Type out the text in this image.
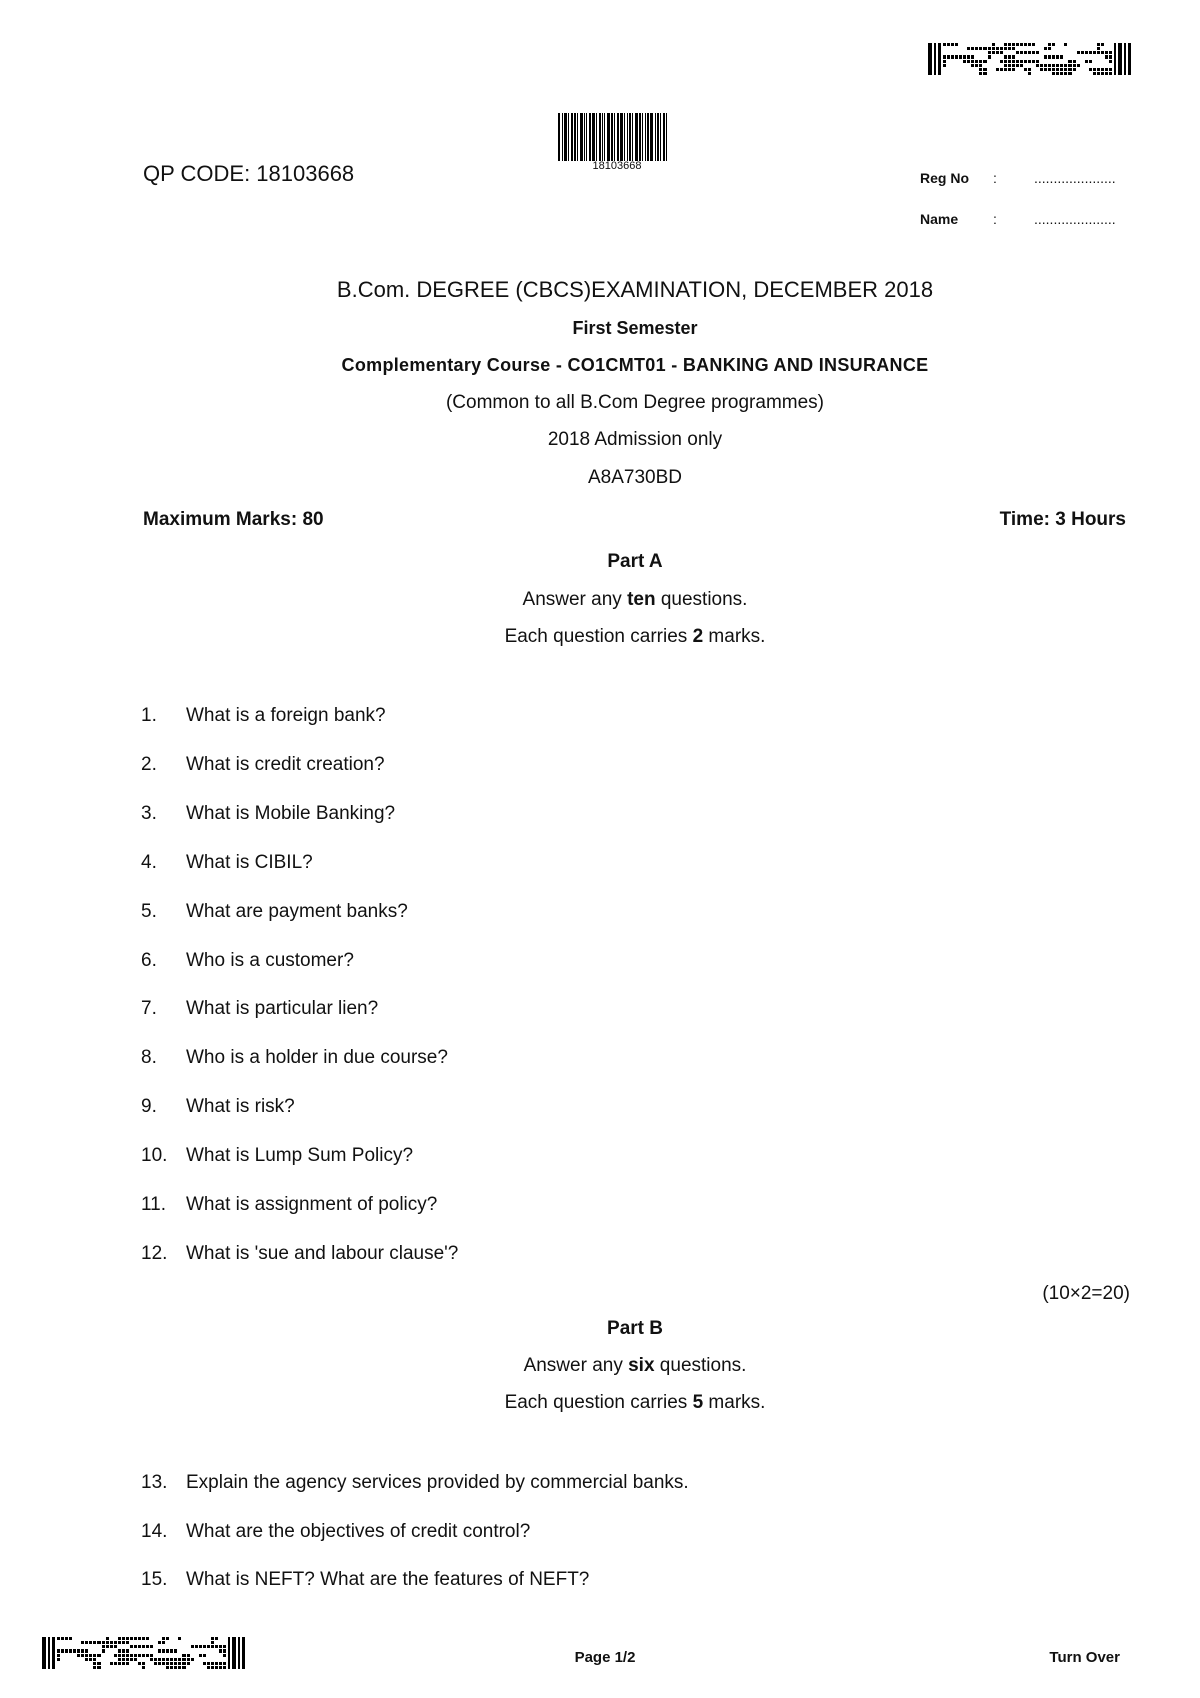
QP CODE: 18103668	18103668
Reg No :	.....................
Name :	.....................
B.Com. DEGREE (CBCS)EXAMINATION, DECEMBER 2018
First Semester
Complementary Course - CO1CMT01 - BANKING AND INSURANCE
(Common to all B.Com Degree programmes)
2018 Admission only
A8A730BD
Maximum Marks: 80	Time: 3 Hours
Part A
Answer any ten questions.
Each question carries 2 marks.
1.	What is a foreign bank?
2.	What is credit creation?
3.	What is Mobile Banking?
4.	What is CIBIL?
5.	What are payment banks?
6.	Who is a customer?
7.	What is particular lien?
8.	Who is a holder in due course?
9.	What is risk?
10. What is Lump Sum Policy?
11.	What is assignment of policy?
12. What is 'sue and labour clause'?
(10×2=20)
Part B
Answer any six questions.
Each question carries 5 marks.
13. Explain the agency services provided by commercial banks.
14. What are the objectives of credit control?
15. What is NEFT? What are the features of NEFT?
Page 1/2	Turn Over
